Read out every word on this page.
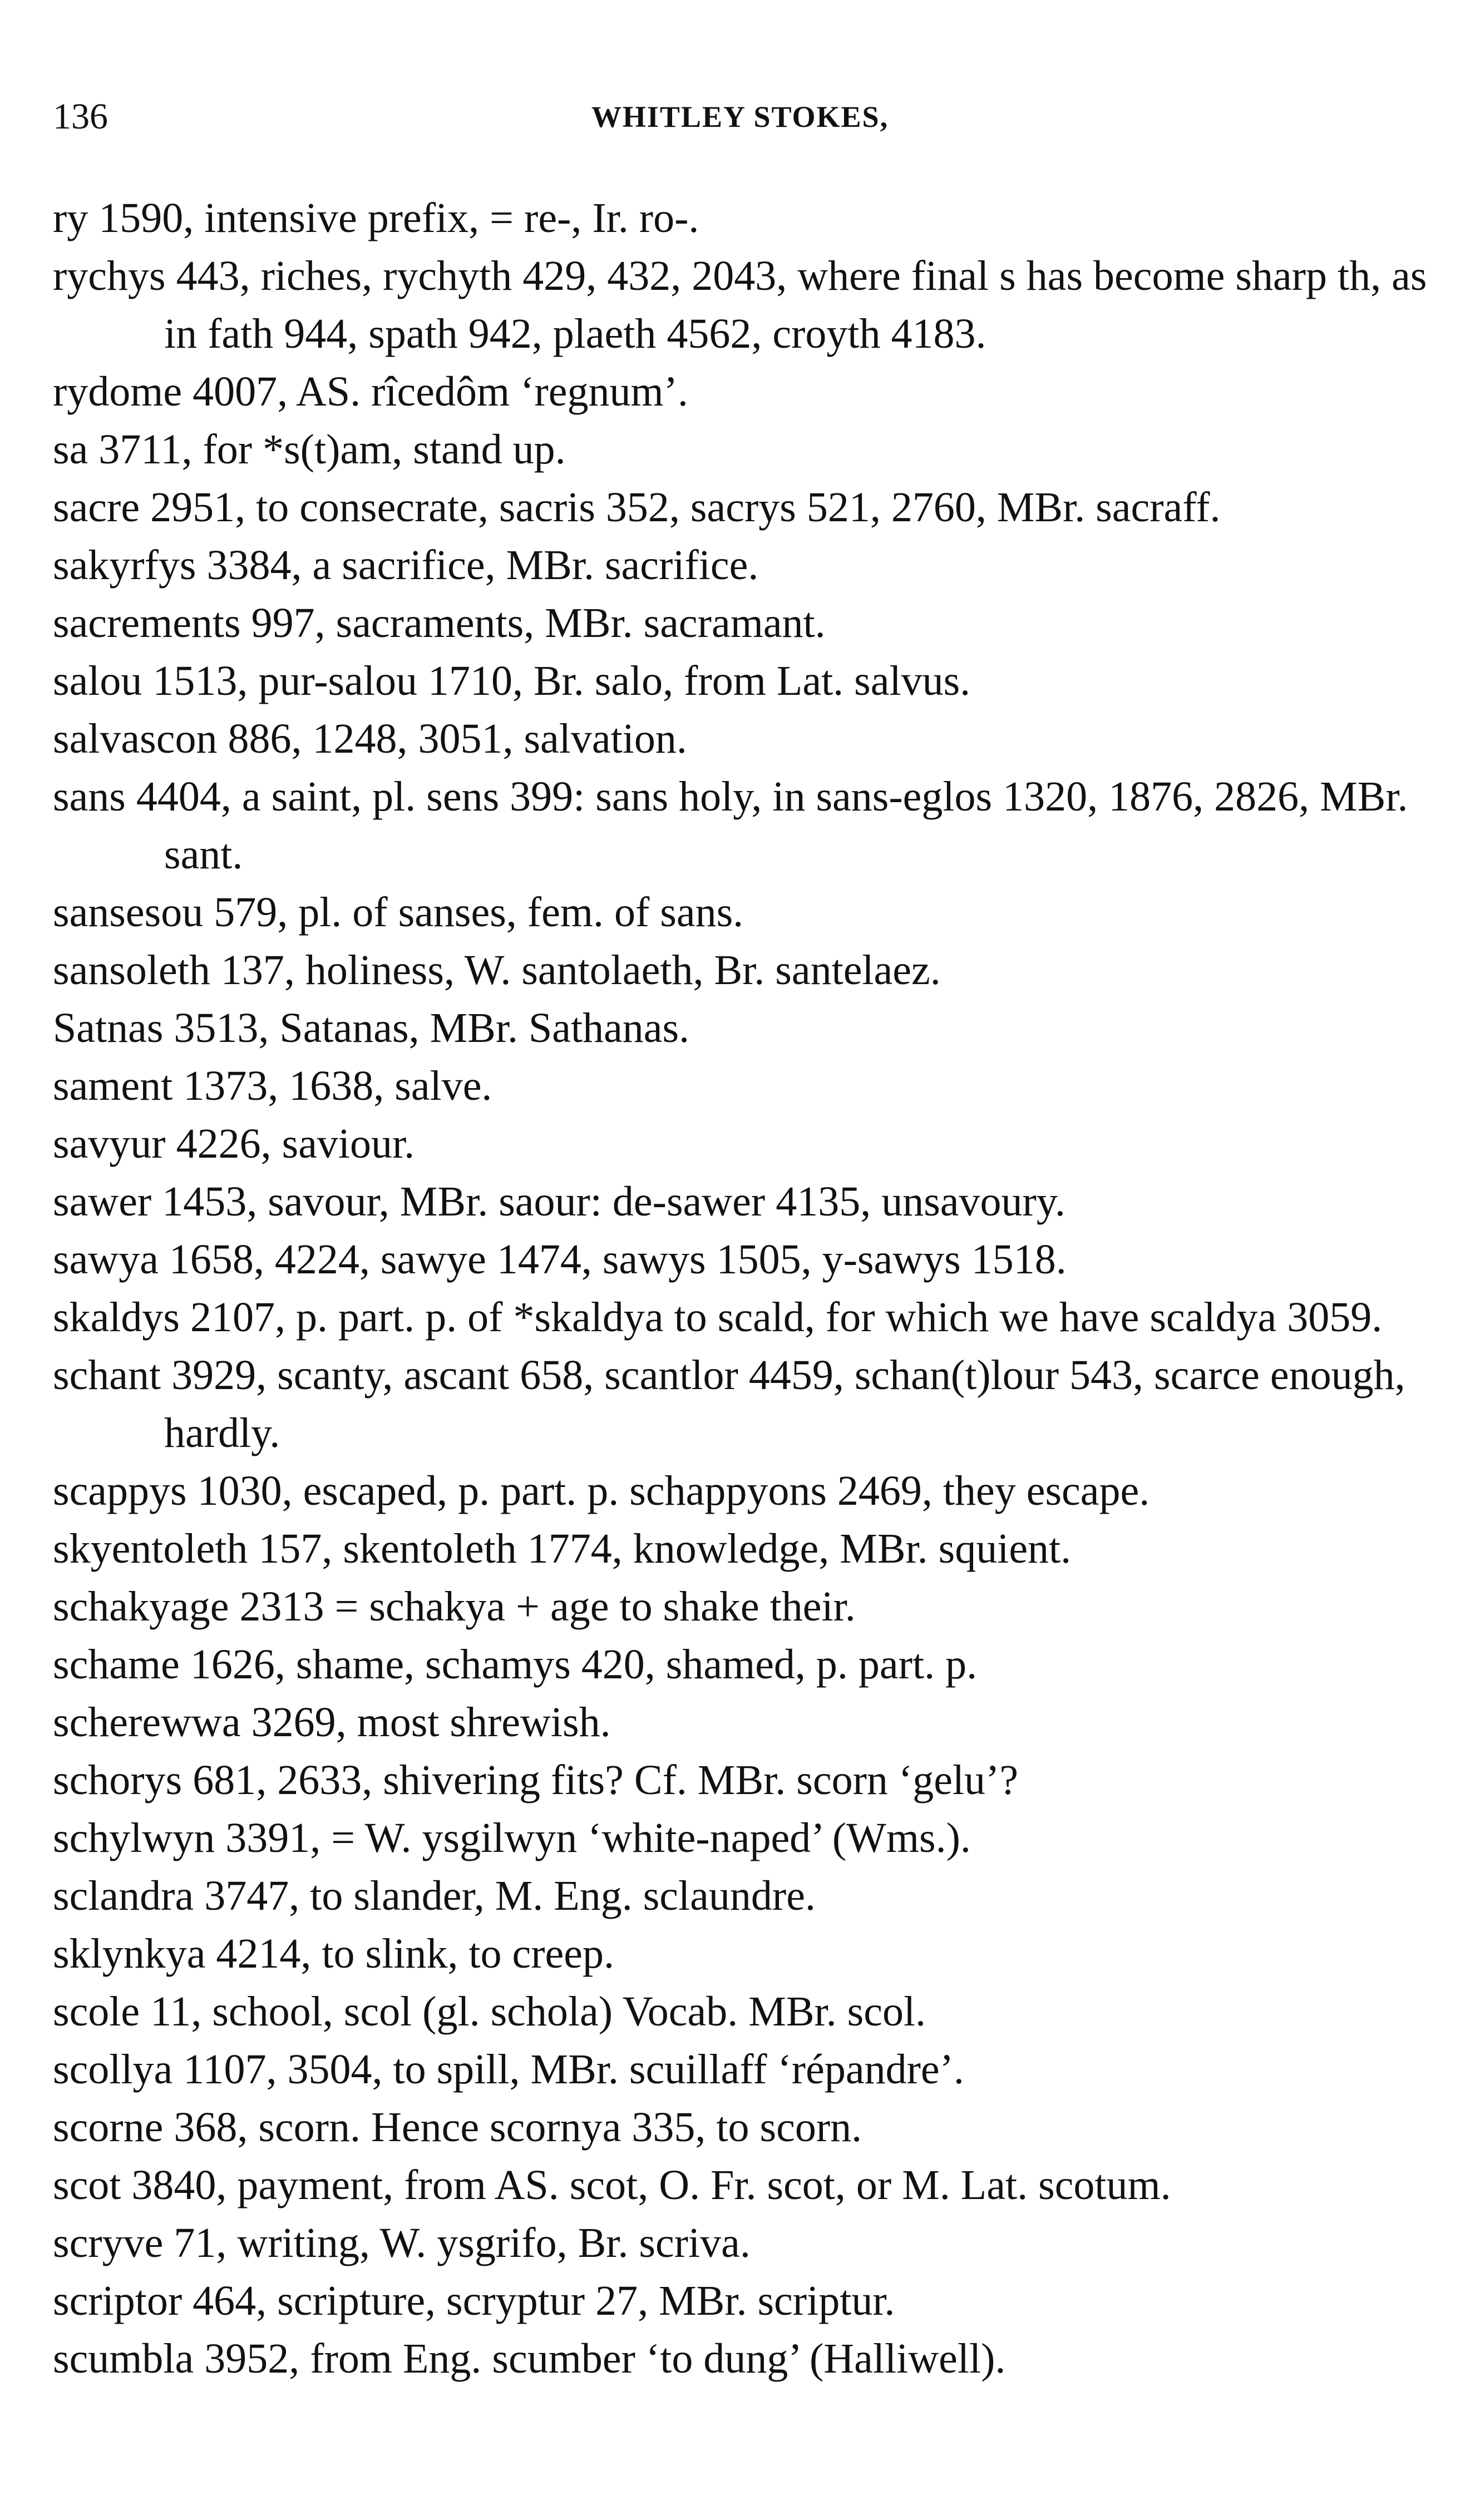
136	WHITLEY STOKES,

ry 1590, intensive prefix, = re-, Ir. ro-.

rychys 443, riches, rychyth 429, 432, 2043, where final s has become sharp th, as in fath 944, spath 942, plaeth 4562, croyth 4183.

rydome 4007, AS. rîcedôm ‘regnum’.

sa 3711, for *s(t)am, stand up.

sacre 2951, to consecrate, sacris 352, sacrys 521, 2760, MBr. sacraff.

sakyrfys 3384, a sacrifice, MBr. sacrifice.

sacrements 997, sacraments, MBr. sacramant.

salou 1513, pur-salou 1710, Br. salo, from Lat. salvus.

salvascon 886, 1248, 3051, salvation.

sans 4404, a saint, pl. sens 399: sans holy, in sans-eglos 1320, 1876, 2826, MBr. sant.

sansesou 579, pl. of sanses, fem. of sans.

sansoleth 137, holiness, W. santolaeth, Br. santelaez.

Satnas 3513, Satanas, MBr. Sathanas.

sament 1373, 1638, salve.

savyur 4226, saviour.

sawer 1453, savour, MBr. saour: de-sawer 4135, unsavoury.

sawya 1658, 4224, sawye 1474, sawys 1505, y-sawys 1518.

skaldys 2107, p. part. p. of *skaldya to scald, for which we have scaldya 3059.

schant 3929, scanty, ascant 658, scantlor 4459, schan(t)lour 543, scarce enough, hardly.

scappys 1030, escaped, p. part. p. schappyons 2469, they escape.

skyentoleth 157, skentoleth 1774, knowledge, MBr. squient.

schakyage 2313 = schakya + age to shake their.

schame 1626, shame, schamys 420, shamed, p. part. p.

scherewwa 3269, most shrewish.

schorys 681, 2633, shivering fits? Cf. MBr. scorn ‘gelu’?

schylwyn 3391, = W. ysgilwyn ‘white-naped’ (Wms.).

sclandra 3747, to slander, M. Eng. sclaundre.

sklynkya 4214, to slink, to creep.

scole 11, school, scol (gl. schola) Vocab. MBr. scol.

scollya 1107, 3504, to spill, MBr. scuillaff ‘répandre’.

scorne 368, scorn. Hence scornya 335, to scorn.

scot 3840, payment, from AS. scot, O. Fr. scot, or M. Lat. scotum.

scryve 71, writing, W. ysgrifo, Br. scriva.

scriptor 464, scripture, scryptur 27, MBr. scriptur.

scumbla 3952, from Eng. scumber ‘to dung’ (Halliwell).
